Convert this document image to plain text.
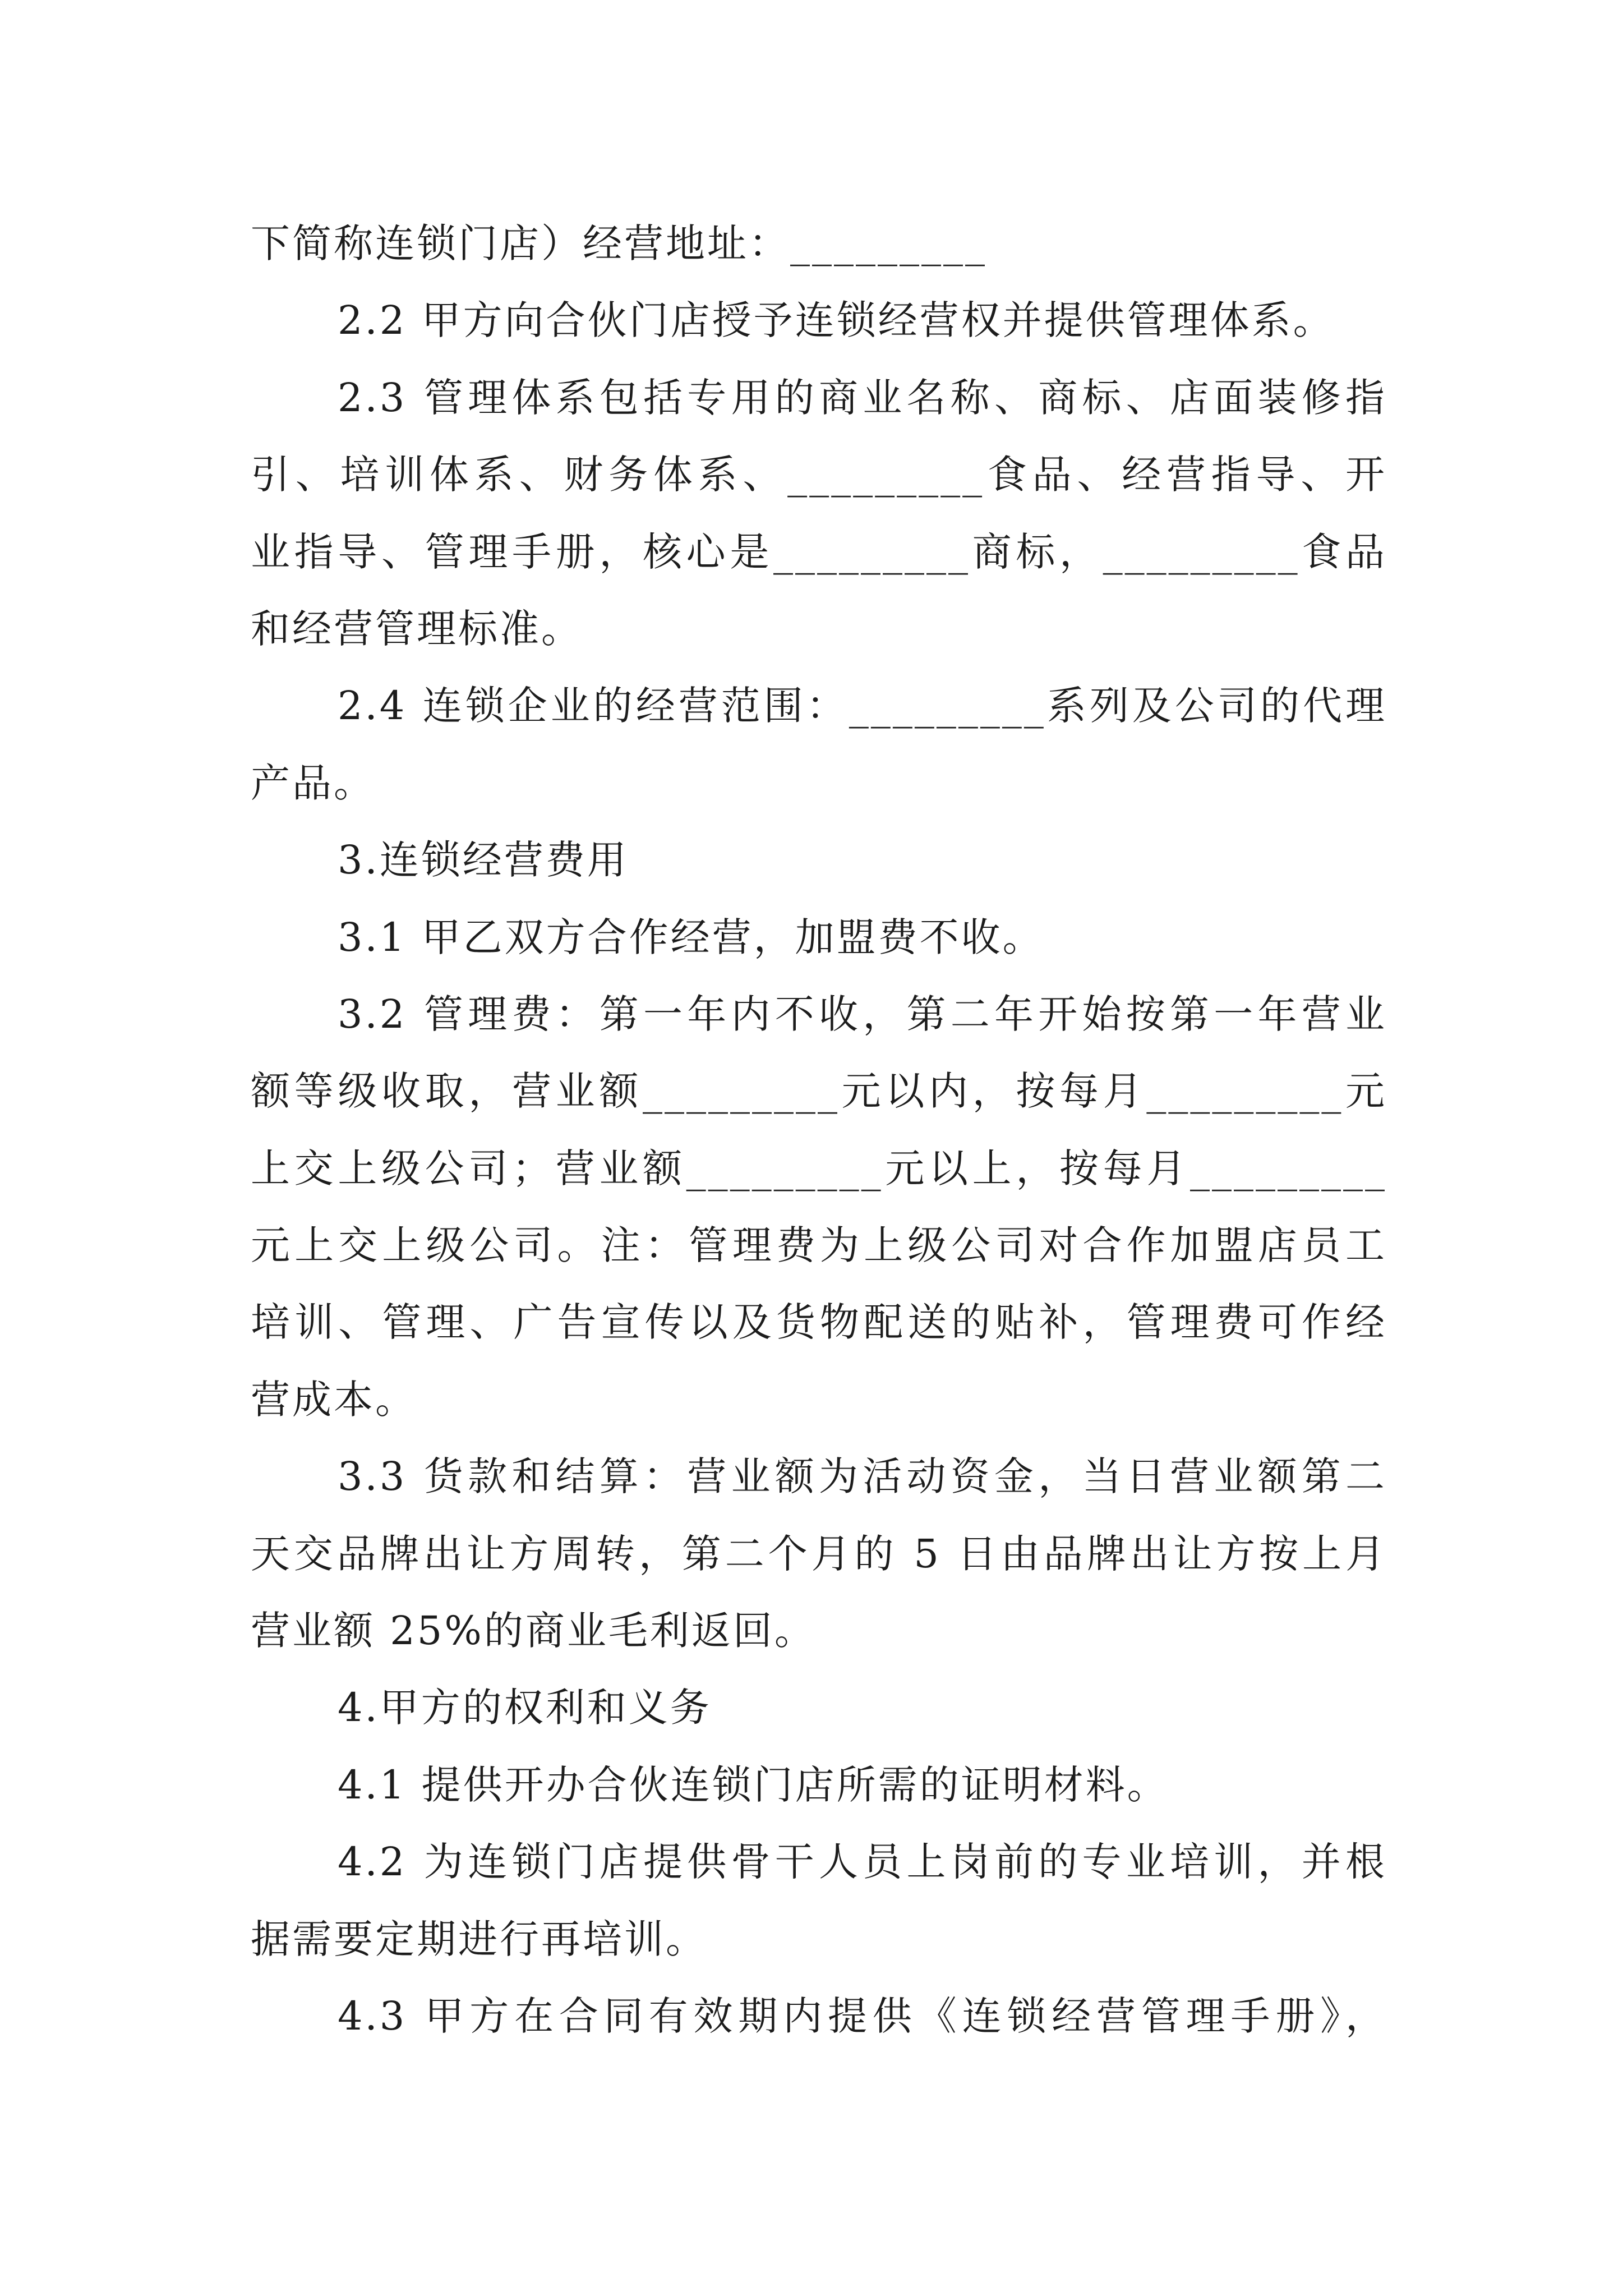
下简称连锁门店）经营地址：_________
2.2 甲方向合伙门店授予连锁经营权并提供管理体系。
2.3 管理体系包括专用的商业名称、商标、店面装修指
引、培训体系、财务体系、_________食品、经营指导、开
业指导、管理手册，核心是_________商标，_________食品
和经营管理标准。
2.4 连锁企业的经营范围：_________系列及公司的代理
产品。
3.连锁经营费用
3.1 甲乙双方合作经营，加盟费不收。
3.2 管理费：第一年内不收，第二年开始按第一年营业
额等级收取，营业额_________元以内，按每月_________元
上交上级公司；营业额_________元以上，按每月_________
元上交上级公司。注：管理费为上级公司对合作加盟店员工
培训、管理、广告宣传以及货物配送的贴补，管理费可作经
营成本。
3.3 货款和结算：营业额为活动资金，当日营业额第二
天交品牌出让方周转，第二个月的 5 日由品牌出让方按上月
营业额 25%的商业毛利返回。
4.甲方的权利和义务
4.1 提供开办合伙连锁门店所需的证明材料。
4.2 为连锁门店提供骨干人员上岗前的专业培训，并根
据需要定期进行再培训。
4.3 甲方在合同有效期内提供《连锁经营管理手册》，
